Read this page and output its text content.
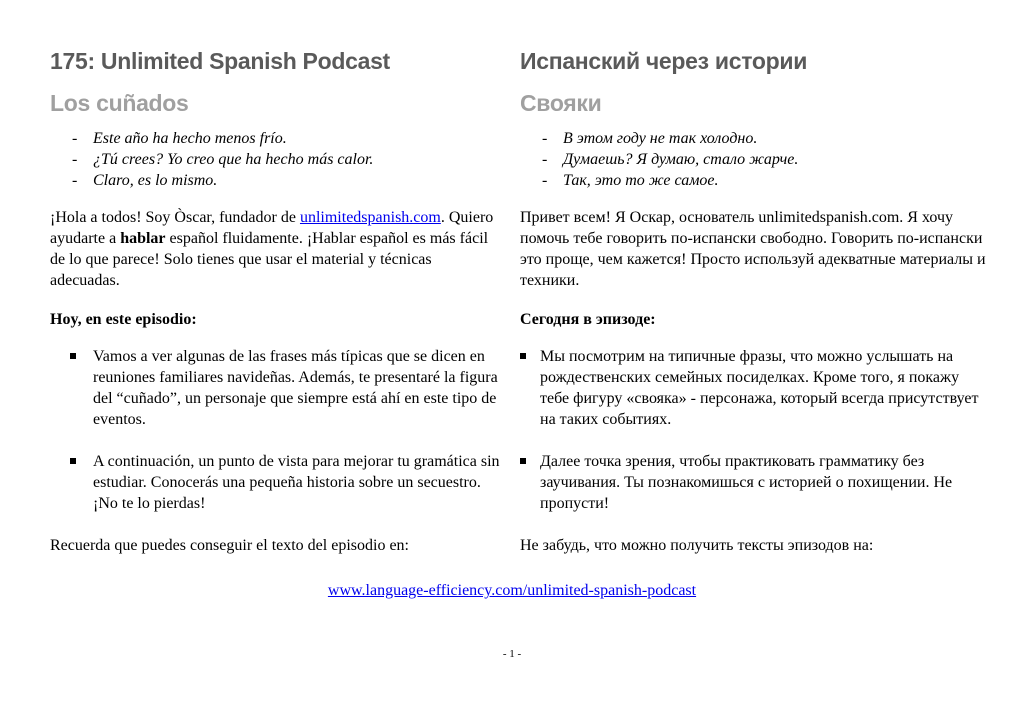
175: Unlimited Spanish Podcast
Los cuñados
- Este año ha hecho menos frío.
- ¿Tú crees? Yo creo que ha hecho más calor.
- Claro, es lo mismo.

¡Hola a todos! Soy Òscar, fundador de unlimitedspanish.com. Quiero ayudarte a hablar español fluidamente. ¡Hablar español es más fácil de lo que parece! Solo tienes que usar el material y técnicas adecuadas.

Hoy, en este episodio:

Vamos a ver algunas de las frases más típicas que se dicen en reuniones familiares navideñas. Además, te presentaré la figura del “cuñado”, un personaje que siempre está ahí en este tipo de eventos.
A continuación, un punto de vista para mejorar tu gramática sin estudiar. Conocerás una pequeña historia sobre un secuestro. ¡No te lo pierdas!

Recuerda que puedes conseguir el texto del episodio en:

Испанский через истории
Свояки
- В этом году не так холодно.
- Думаешь? Я думаю, стало жарче.
- Так, это то же самое.

Привет всем! Я Оскар, основатель unlimitedspanish.com. Я хочу помочь тебе говорить по-испански свободно. Говорить по-испански это проще, чем кажется! Просто используй адекватные материалы и техники.

Сегодня в эпизоде:

Мы посмотрим на типичные фразы, что можно услышать на рождественских семейных посиделках. Кроме того, я покажу тебе фигуру «свояка» - персонажа, который всегда присутствует на таких событиях.
Далее точка зрения, чтобы практиковать грамматику без заучивания. Ты познакомишься с историей о похищении. Не пропусти!

Не забудь, что можно получить тексты эпизодов на:

www.language-efficiency.com/unlimited-spanish-podcast
- 1 -
